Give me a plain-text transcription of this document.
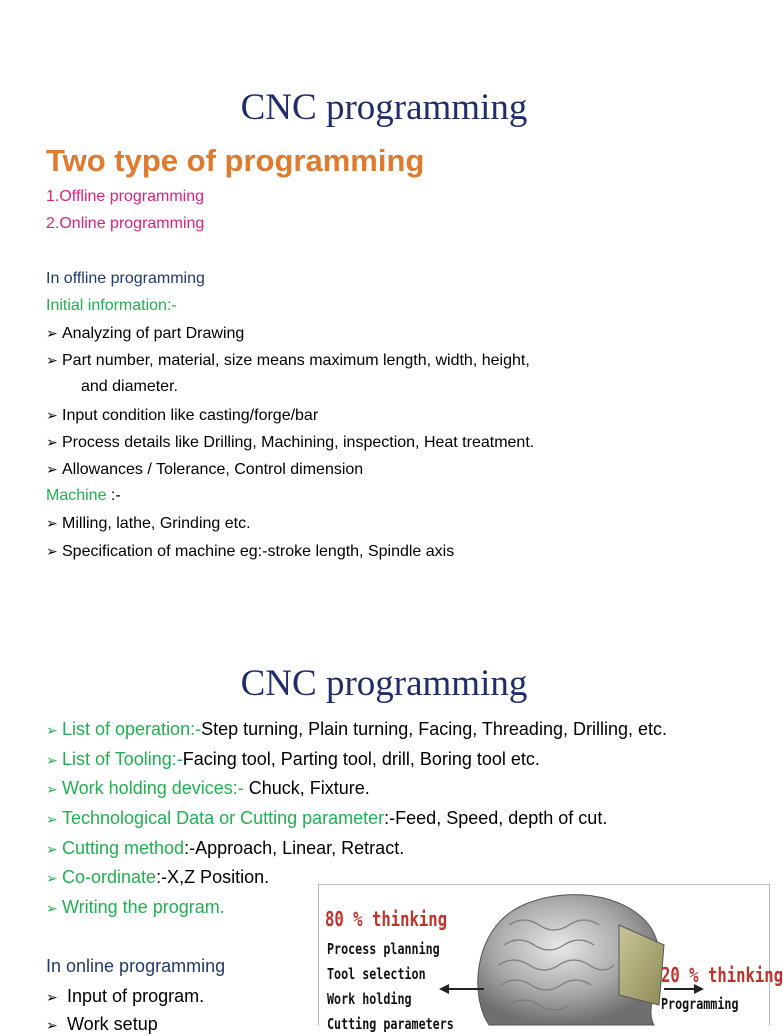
CNC programming
Two type of programming
1.Offline programming
2.Online programming
In offline programming
Initial information:-
➢ Analyzing of part Drawing
➢ Part number, material, size means maximum length, width, height,
and diameter.
➢ Input condition like casting/forge/bar
➢ Process details like Drilling, Machining, inspection, Heat treatment.
➢ Allowances / Tolerance, Control dimension
Machine :-
➢ Milling, lathe, Grinding etc.
➢ Specification of machine eg:-stroke length, Spindle axis
CNC programming
➢ List of operation:-Step turning, Plain turning, Facing, Threading, Drilling, etc.
➢ List of Tooling:-Facing tool, Parting tool, drill, Boring tool etc.
➢ Work holding devices:- Chuck, Fixture.
➢ Technological Data or Cutting parameter:-Feed, Speed, depth of cut.
➢ Cutting method:-Approach, Linear, Retract.
➢ Co-ordinate:-X,Z Position.
➢ Writing the program.
In online programming
➢ Input of program.
➢ Work setup
80 % thinking
Process planning
Tool selection
Work holding
Cutting parameters
20 % thinking
Programming
